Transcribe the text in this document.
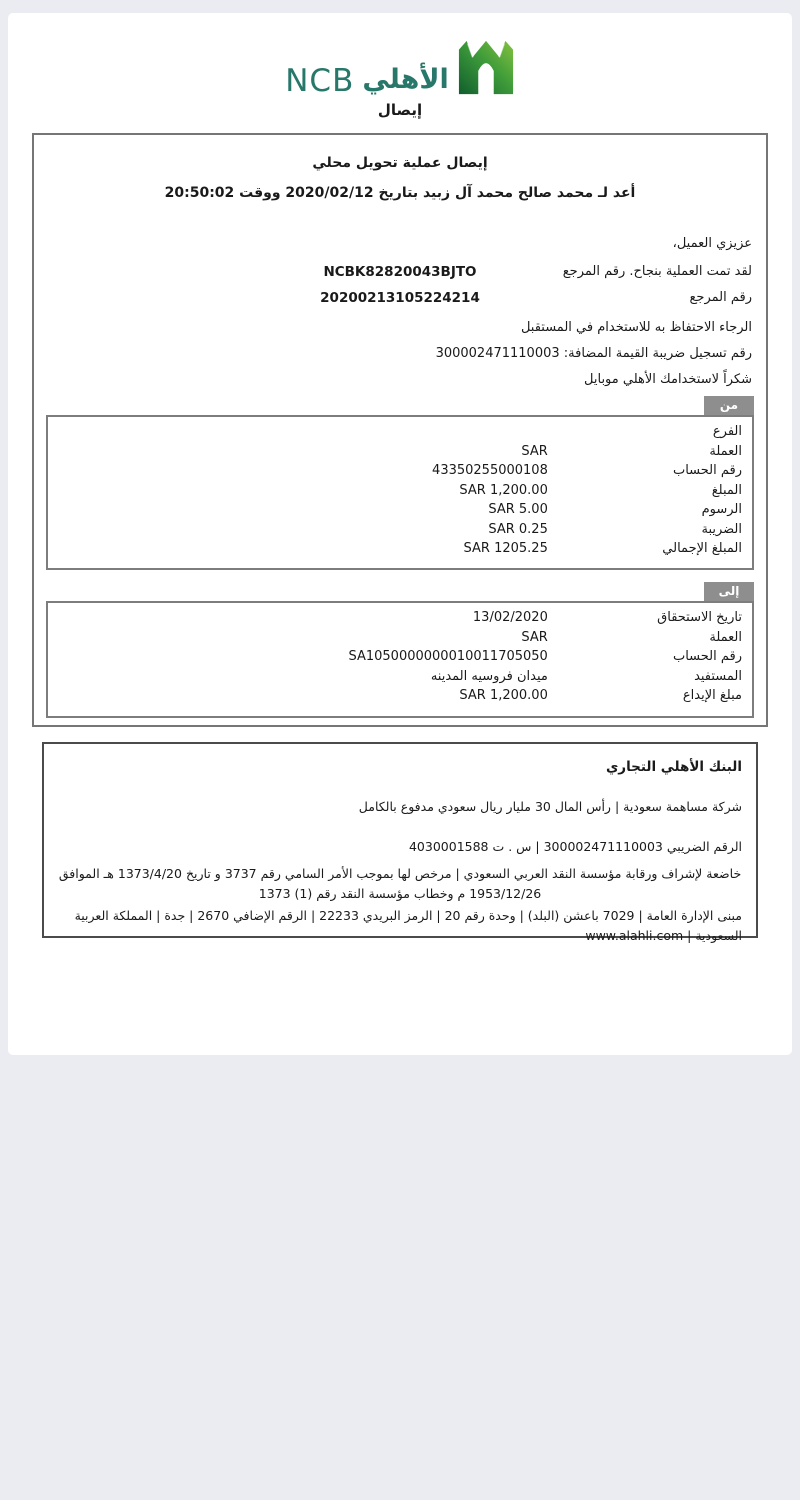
NCB الأهلي
إيصال
إيصال عملية تحويل محلي
أعد لـ محمد صالح محمد آل زبيد بتاريخ 2020/02/12 ووقت 20:50:02
عزيزي العميل،
لقد تمت العملية بنجاح. رقم المرجع
NCBK82820043BJTO
رقم المرجع
20200213105224214
الرجاء الاحتفاظ به للاستخدام في المستقبل
رقم تسجيل ضريبة القيمة المضافة: 300002471110003
شكراً لاستخدامك الأهلي موبايل
من
الفرع
العملة
SAR
رقم الحساب
43350255000108
المبلغ
1,200.00 SAR
الرسوم
5.00 SAR
الضريبة
0.25 SAR
المبلغ الإجمالي
1205.25 SAR
إلى
تاريخ الاستحقاق
13/02/2020
العملة
SAR
رقم الحساب
SA1050000000010011705050
المستفيد
ميدان فروسيه المدينه
مبلغ الإيداع
1,200.00 SAR

البنك الأهلي التجاري

شركة مساهمة سعودية | رأس المال 30 مليار ريال سعودي مدفوع بالكامل

الرقم الضريبي 300002471110003 | س . ت 4030001588

خاضعة لإشراف ورقابة مؤسسة النقد العربي السعودي | مرخص لها بموجب الأمر السامي رقم 3737 و تاريخ 1373/4/20 هـ الموافق 1953/12/26 م وخطاب مؤسسة النقد رقم (1) 1373

مبنى الإدارة العامة | 7029 باعشن (البلد) | وحدة رقم 20 | الرمز البريدي 22233 | الرقم الإضافي 2670 | جدة | المملكة العربية السعودية | www.alahli.com
